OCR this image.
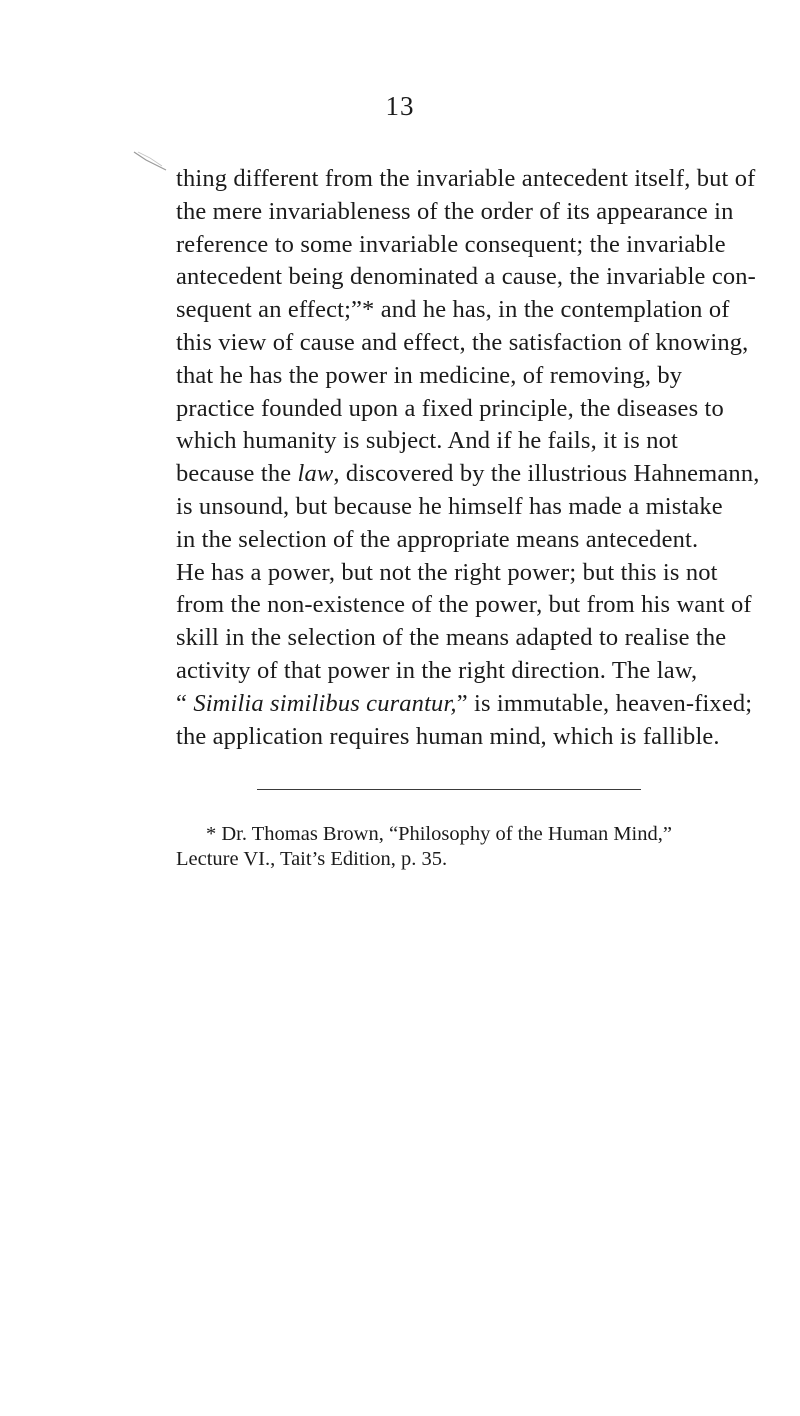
13
thing different from the invariable antecedent itself, but of
the mere invariableness of the order of its appearance in
reference to some invariable consequent; the invariable
antecedent being denominated a cause, the invariable con-
sequent an effect;”* and he has, in the contemplation of
this view of cause and effect, the satisfaction of knowing,
that he has the power in medicine, of removing, by
practice founded upon a fixed principle, the diseases to
which humanity is subject. And if he fails, it is not
because the law, discovered by the illustrious Hahnemann,
is unsound, but because he himself has made a mistake
in the selection of the appropriate means antecedent.
He has a power, but not the right power; but this is not
from the non-existence of the power, but from his want of
skill in the selection of the means adapted to realise the
activity of that power in the right direction. The law,
“ Similia similibus curantur,” is immutable, heaven-fixed;
the application requires human mind, which is fallible.
* Dr. Thomas Brown, “Philosophy of the Human Mind,”
Lecture VI., Tait’s Edition, p. 35.
